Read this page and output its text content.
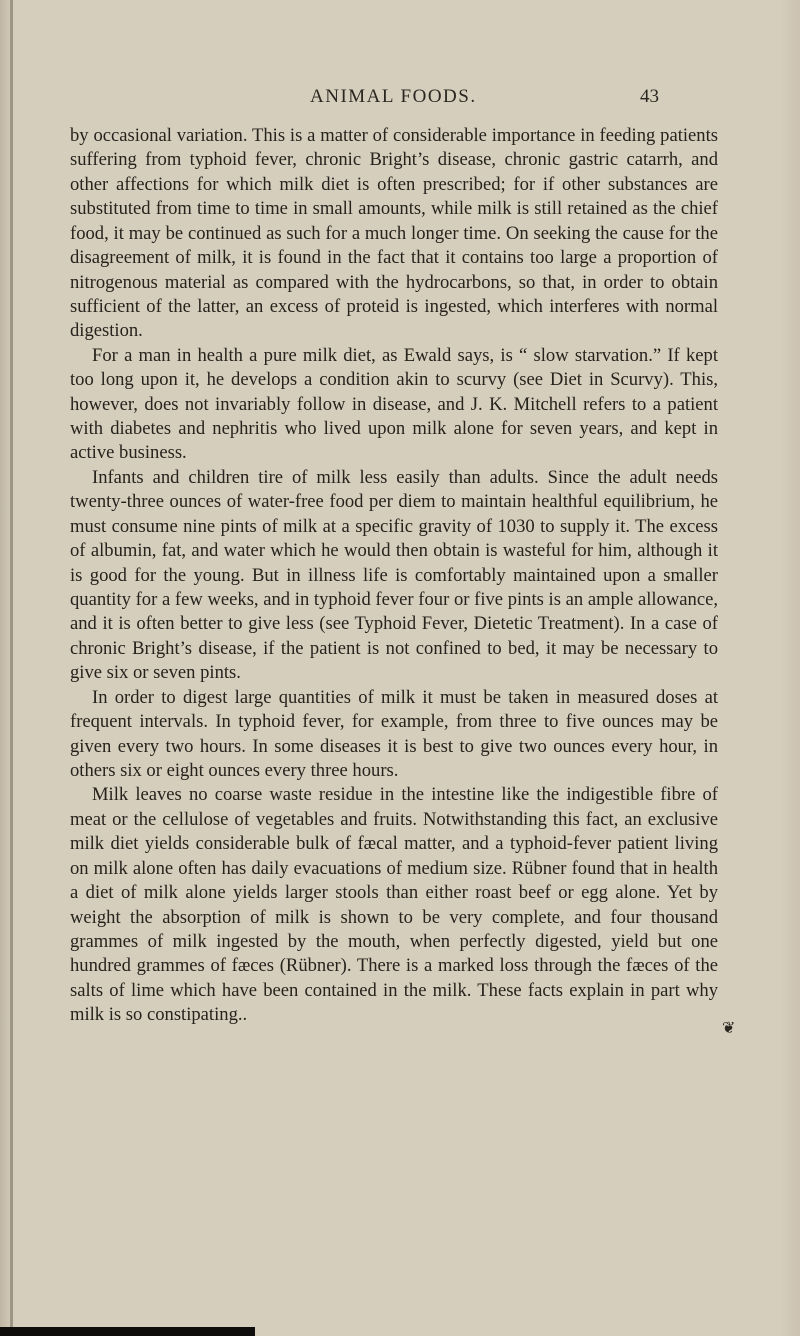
ANIMAL FOODS.	43

by occasional variation. This is a matter of considerable importance in feeding patients suffering from typhoid fever, chronic Bright’s disease, chronic gastric catarrh, and other affections for which milk diet is often prescribed; for if other substances are substituted from time to time in small amounts, while milk is still retained as the chief food, it may be continued as such for a much longer time. On seeking the cause for the disagreement of milk, it is found in the fact that it contains too large a proportion of nitrogenous material as compared with the hydrocarbons, so that, in order to obtain sufficient of the latter, an excess of proteid is ingested, which interferes with normal digestion.

For a man in health a pure milk diet, as Ewald says, is “ slow starvation.” If kept too long upon it, he develops a condition akin to scurvy (see Diet in Scurvy). This, however, does not invariably follow in disease, and J. K. Mitchell refers to a patient with diabetes and nephritis who lived upon milk alone for seven years, and kept in active business.

Infants and children tire of milk less easily than adults. Since the adult needs twenty-three ounces of water-free food per diem to maintain healthful equilibrium, he must consume nine pints of milk at a specific gravity of 1030 to supply it. The excess of albumin, fat, and water which he would then obtain is wasteful for him, although it is good for the young. But in illness life is comfortably maintained upon a smaller quantity for a few weeks, and in typhoid fever four or five pints is an ample allowance, and it is often better to give less (see Typhoid Fever, Dietetic Treatment). In a case of chronic Bright’s disease, if the patient is not confined to bed, it may be necessary to give six or seven pints.

In order to digest large quantities of milk it must be taken in measured doses at frequent intervals. In typhoid fever, for example, from three to five ounces may be given every two hours. In some diseases it is best to give two ounces every hour, in others six or eight ounces every three hours.

Milk leaves no coarse waste residue in the intestine like the indigestible fibre of meat or the cellulose of vegetables and fruits. Notwithstanding this fact, an exclusive milk diet yields considerable bulk of fæcal matter, and a typhoid-fever patient living on milk alone often has daily evacuations of medium size. Rübner found that in health a diet of milk alone yields larger stools than either roast beef or egg alone. Yet by weight the absorption of milk is shown to be very complete, and four thousand grammes of milk ingested by the mouth, when perfectly digested, yield but one hundred grammes of fæces (Rübner). There is a marked loss through the fæces of the salts of lime which have been contained in the milk. These facts explain in part why milk is so constipating..

❦
